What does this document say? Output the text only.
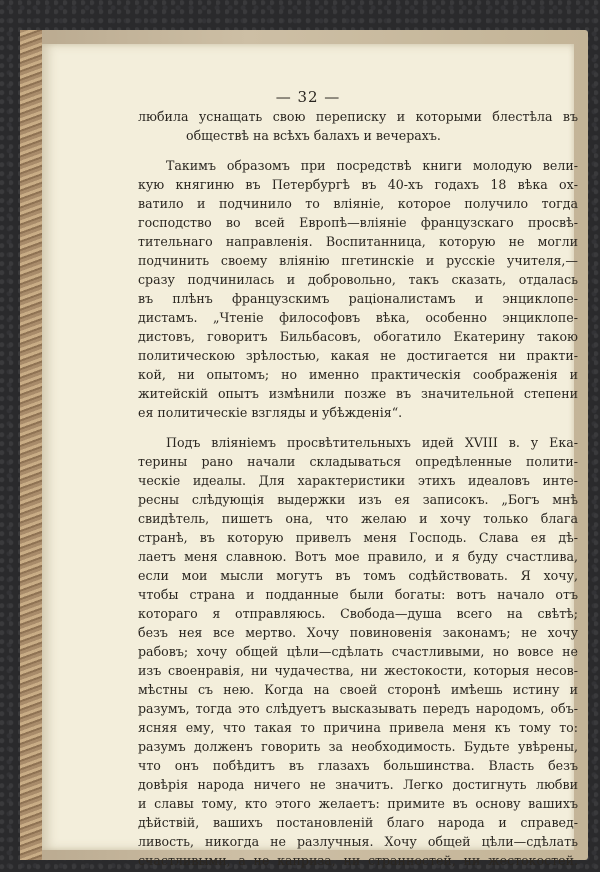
— 32 —
любила уснащать свою переписку и которыми блестѣла въ
обществѣ на всѣхъ балахъ и вечерахъ.
Такимъ образомъ при посредствѣ книги молодую вели-
кую княгиню въ Петербургѣ въ 40-хъ годахъ 18 вѣка ох-
ватило и подчинило то вліяніе, которое получило тогда
господство во всей Европѣ—вліяніе французскаго просвѣ-
тительнаго направленія. Воспитанница, которую не могли
подчинить своему вліянію пгетинскіе и русскіе учителя,—
сразу подчинилась и добровольно, такъ сказать, отдалась
въ плѣнъ французскимъ раціоналистамъ и энциклопе-
дистамъ. „Чтеніе философовъ вѣка, особенно энциклопе-
дистовъ, говоритъ Бильбасовъ, обогатило Екатерину такою
политическою зрѣлостью, какая не достигается ни практи-
кой, ни опытомъ; но именно практическія соображенія и
житейскій опытъ измѣнили позже въ значительной степени
ея политическіе взгляды и убѣжденія“.
Подъ вліяніемъ просвѣтительныхъ идей XVIII в. у Ека-
терины рано начали складываться опредѣленные полити-
ческіе идеалы. Для характеристики этихъ идеаловъ инте-
ресны слѣдующія выдержки изъ ея записокъ. „Богъ мнѣ
свидѣтель, пишетъ она, что желаю и хочу только блага
странѣ, въ которую привелъ меня Господь. Слава ея дѣ-
лаетъ меня славною. Вотъ мое правило, и я буду счастлива,
если мои мысли могутъ въ томъ содѣйствовать. Я хочу,
чтобы страна и подданные были богаты: вотъ начало отъ
котораго я отправляюсь. Свобода—душа всего на свѣтѣ;
безъ нея все мертво. Хочу повиновенія законамъ; не хочу
рабовъ; хочу общей цѣли—сдѣлать счастливыми, но вовсе не
изъ своенравія, ни чудачества, ни жестокости, которыя несов-
мѣстны съ нею. Когда на своей сторонѣ имѣешь истину и
разумъ, тогда это слѣдуетъ высказывать передъ народомъ, объ-
ясняя ему, что такая то причина привела меня къ тому то:
разумъ долженъ говорить за необходимость. Будьте увѣрены,
что онъ побѣдитъ въ глазахъ большинства. Власть безъ
довѣрія народа ничего не значитъ. Легко достигнуть любви
и славы тому, кто этого желаетъ: примите въ основу вашихъ
дѣйствій, вашихъ постановленій благо народа и справед-
ливость, никогда не разлучныя. Хочу общей цѣли—сдѣлать
счастливыми, а не каприза, ни странностей, ни жестокостей.
